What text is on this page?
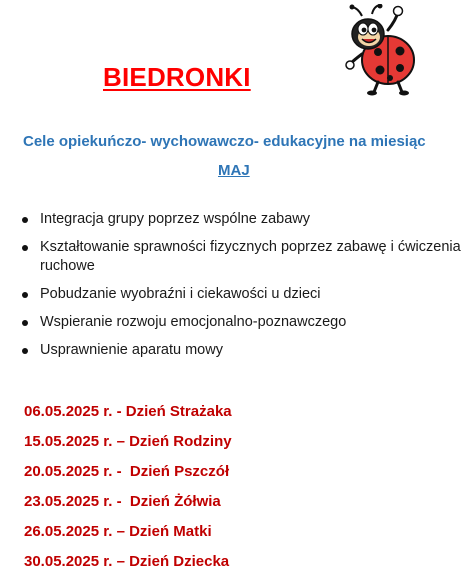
BIEDRONKI

Cele opiekuńczo- wychowawczo- edukacyjne na miesiąc

MAJ

Integracja grupy poprzez wspólne zabawy
Kształtowanie sprawności fizycznych poprzez zabawę i ćwiczenia ruchowe
Pobudzanie wyobraźni i ciekawości u dzieci
Wspieranie rozwoju emocjonalno-poznawczego
Usprawnienie aparatu mowy
06.05.2025 r. - Dzień Strażaka
15.05.2025 r. – Dzień Rodziny
20.05.2025 r. -  Dzień Pszczół
23.05.2025 r. -  Dzień Żółwia
26.05.2025 r. – Dzień Matki
30.05.2025 r. – Dzień Dziecka
